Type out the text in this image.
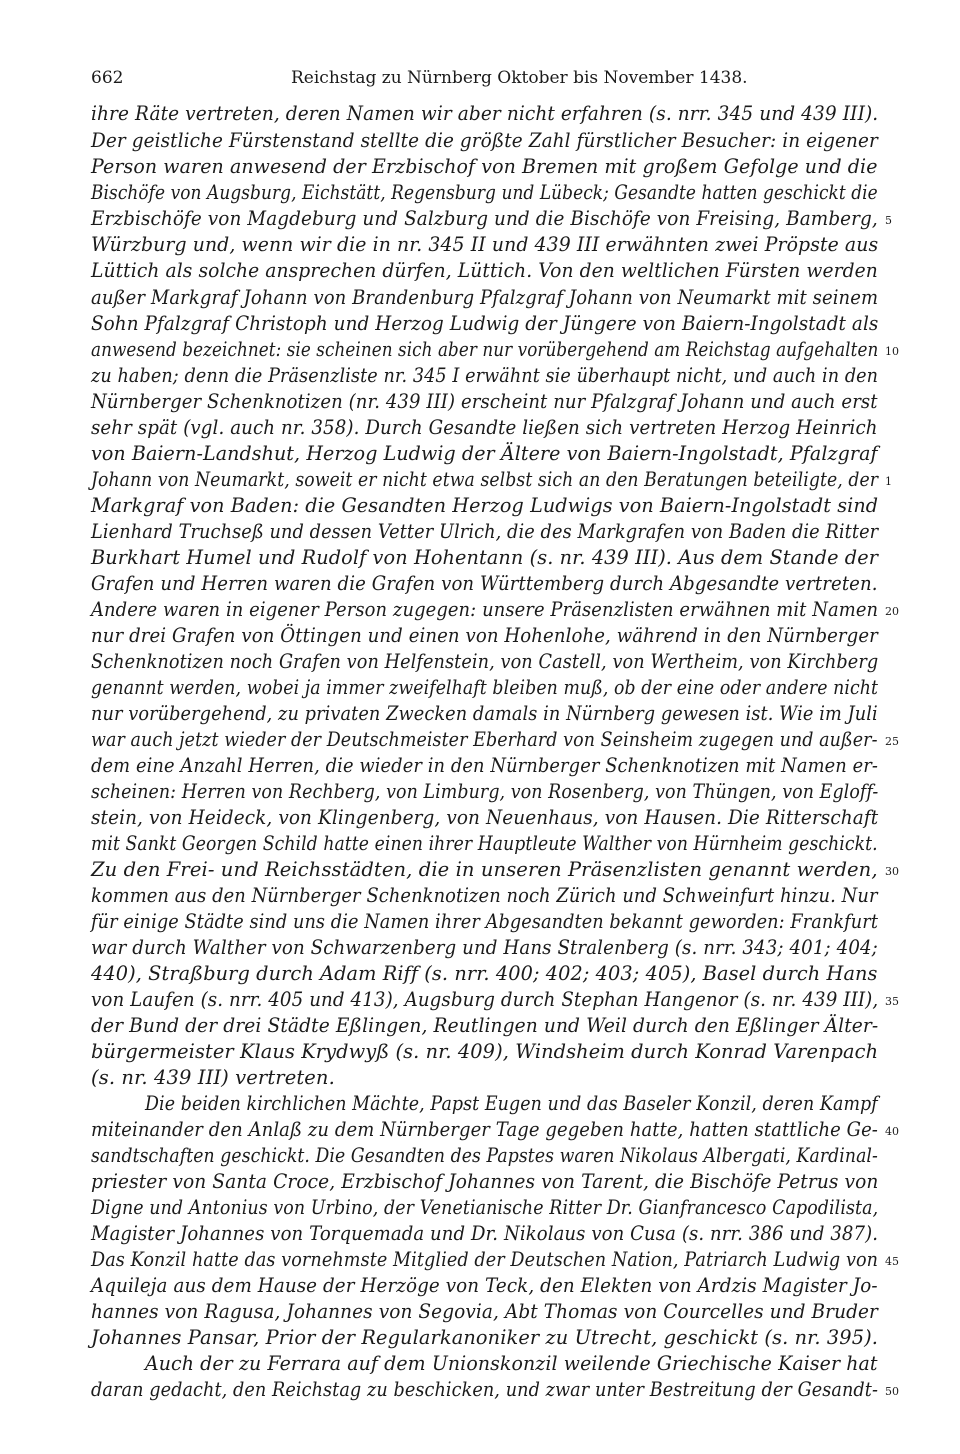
662	Reichstag zu Nürnberg Oktober bis November 1438.
ihre Räte vertreten, deren Namen wir aber nicht erfahren (s. nrr. 345 und 439 III).
Der geistliche Fürstenstand stellte die größte Zahl fürstlicher Besucher: in eigener
Person waren anwesend der Erzbischof von Bremen mit großem Gefolge und die
Bischöfe von Augsburg, Eichstätt, Regensburg und Lübeck; Gesandte hatten geschickt die
Erzbischöfe von Magdeburg und Salzburg und die Bischöfe von Freising, Bamberg,
Würzburg und, wenn wir die in nr. 345 II und 439 III erwähnten zwei Pröpste aus
Lüttich als solche ansprechen dürfen, Lüttich. Von den weltlichen Fürsten werden
außer Markgraf Johann von Brandenburg Pfalzgraf Johann von Neumarkt mit seinem
Sohn Pfalzgraf Christoph und Herzog Ludwig der Jüngere von Baiern-Ingolstadt als
anwesend bezeichnet: sie scheinen sich aber nur vorübergehend am Reichstag aufgehalten
zu haben; denn die Präsenzliste nr. 345 I erwähnt sie überhaupt nicht, und auch in den
Nürnberger Schenknotizen (nr. 439 III) erscheint nur Pfalzgraf Johann und auch erst
sehr spät (vgl. auch nr. 358). Durch Gesandte ließen sich vertreten Herzog Heinrich
von Baiern-Landshut, Herzog Ludwig der Ältere von Baiern-Ingolstadt, Pfalzgraf
Johann von Neumarkt, soweit er nicht etwa selbst sich an den Beratungen beteiligte, der
Markgraf von Baden: die Gesandten Herzog Ludwigs von Baiern-Ingolstadt sind
Lienhard Truchseß und dessen Vetter Ulrich, die des Markgrafen von Baden die Ritter
Burkhart Humel und Rudolf von Hohentann (s. nr. 439 III). Aus dem Stande der
Grafen und Herren waren die Grafen von Württemberg durch Abgesandte vertreten.
Andere waren in eigener Person zugegen: unsere Präsenzlisten erwähnen mit Namen
nur drei Grafen von Öttingen und einen von Hohenlohe, während in den Nürnberger
Schenknotizen noch Grafen von Helfenstein, von Castell, von Wertheim, von Kirchberg
genannt werden, wobei ja immer zweifelhaft bleiben muß, ob der eine oder andere nicht
nur vorübergehend, zu privaten Zwecken damals in Nürnberg gewesen ist. Wie im Juli
war auch jetzt wieder der Deutschmeister Eberhard von Seinsheim zugegen und außer-
dem eine Anzahl Herren, die wieder in den Nürnberger Schenknotizen mit Namen er-
scheinen: Herren von Rechberg, von Limburg, von Rosenberg, von Thüngen, von Egloff-
stein, von Heideck, von Klingenberg, von Neuenhaus, von Hausen. Die Ritterschaft
mit Sankt Georgen Schild hatte einen ihrer Hauptleute Walther von Hürnheim geschickt.
Zu den Frei- und Reichsstädten, die in unseren Präsenzlisten genannt werden,
kommen aus den Nürnberger Schenknotizen noch Zürich und Schweinfurt hinzu. Nur
für einige Städte sind uns die Namen ihrer Abgesandten bekannt geworden: Frankfurt
war durch Walther von Schwarzenberg und Hans Stralenberg (s. nrr. 343; 401; 404;
440), Straßburg durch Adam Riff (s. nrr. 400; 402; 403; 405), Basel durch Hans
von Laufen (s. nrr. 405 und 413), Augsburg durch Stephan Hangenor (s. nr. 439 III),
der Bund der drei Städte Eßlingen, Reutlingen und Weil durch den Eßlinger Älter-
bürgermeister Klaus Krydwyß (s. nr. 409), Windsheim durch Konrad Varenpach
(s. nr. 439 III) vertreten.
Die beiden kirchlichen Mächte, Papst Eugen und das Baseler Konzil, deren Kampf
miteinander den Anlaß zu dem Nürnberger Tage gegeben hatte, hatten stattliche Ge-
sandtschaften geschickt. Die Gesandten des Papstes waren Nikolaus Albergati, Kardinal-
priester von Santa Croce, Erzbischof Johannes von Tarent, die Bischöfe Petrus von
Digne und Antonius von Urbino, der Venetianische Ritter Dr. Gianfrancesco Capodilista,
Magister Johannes von Torquemada und Dr. Nikolaus von Cusa (s. nrr. 386 und 387).
Das Konzil hatte das vornehmste Mitglied der Deutschen Nation, Patriarch Ludwig von
Aquileja aus dem Hause der Herzöge von Teck, den Elekten von Ardzis Magister Jo-
hannes von Ragusa, Johannes von Segovia, Abt Thomas von Courcelles und Bruder
Johannes Pansar, Prior der Regularkanoniker zu Utrecht, geschickt (s. nr. 395).
Auch der zu Ferrara auf dem Unionskonzil weilende Griechische Kaiser hat
daran gedacht, den Reichstag zu beschicken, und zwar unter Bestreitung der Gesandt-
5
10
1
20
25
30
35
40
45
50
